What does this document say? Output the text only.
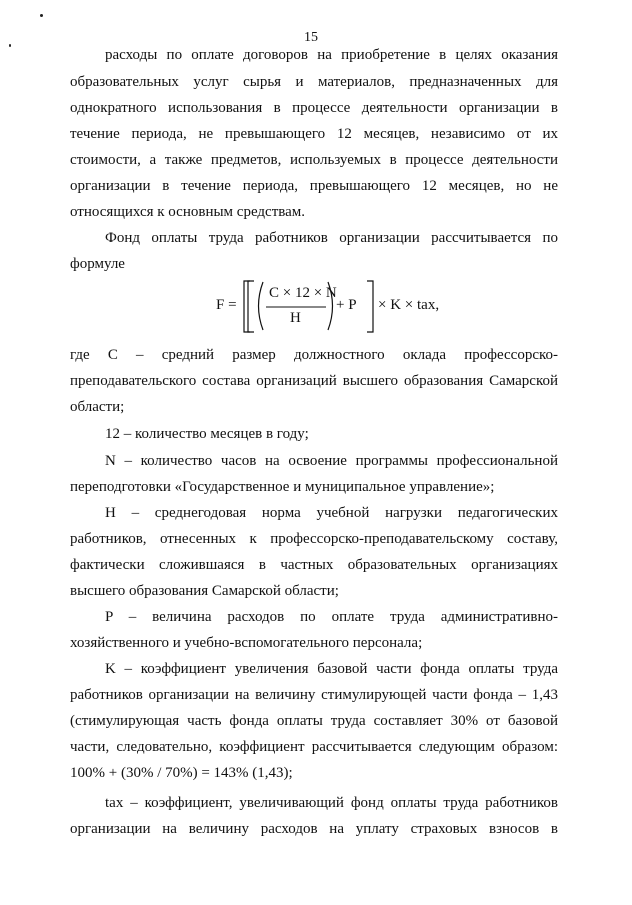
15
расходы по оплате договоров на приобретение в целях оказания
образовательных услуг сырья и материалов, предназначенных для
однократного использования в процессе деятельности организации в
течение периода, не превышающего 12 месяцев, независимо от их
стоимости, а также предметов, используемых в процессе деятельности
организации в течение периода, превышающего 12 месяцев, но не
относящихся к основным средствам.
Фонд оплаты труда работников организации рассчитывается по
формуле
F =
C × 12 × N
H
+ P × K × tax,
где C – средний размер должностного оклада профессорско-
преподавательского состава организаций высшего образования Самарской
области;
12 – количество месяцев в году;
N – количество часов на освоение программы профессиональной
переподготовки «Государственное и муниципальное управление»;
H – среднегодовая норма учебной нагрузки педагогических
работников, отнесенных к профессорско-преподавательскому составу,
фактически сложившаяся в частных образовательных организациях
высшего образования Самарской области;
P – величина расходов по оплате труда административно-
хозяйственного и учебно-вспомогательного персонала;
K – коэффициент увеличения базовой части фонда оплаты труда
работников организации на величину стимулирующей части фонда – 1,43
(стимулирующая часть фонда оплаты труда составляет 30% от базовой
части, следовательно, коэффициент рассчитывается следующим образом:
100% + (30% / 70%) = 143% (1,43);
tax – коэффициент, увеличивающий фонд оплаты труда работников
организации на величину расходов на уплату страховых взносов в
